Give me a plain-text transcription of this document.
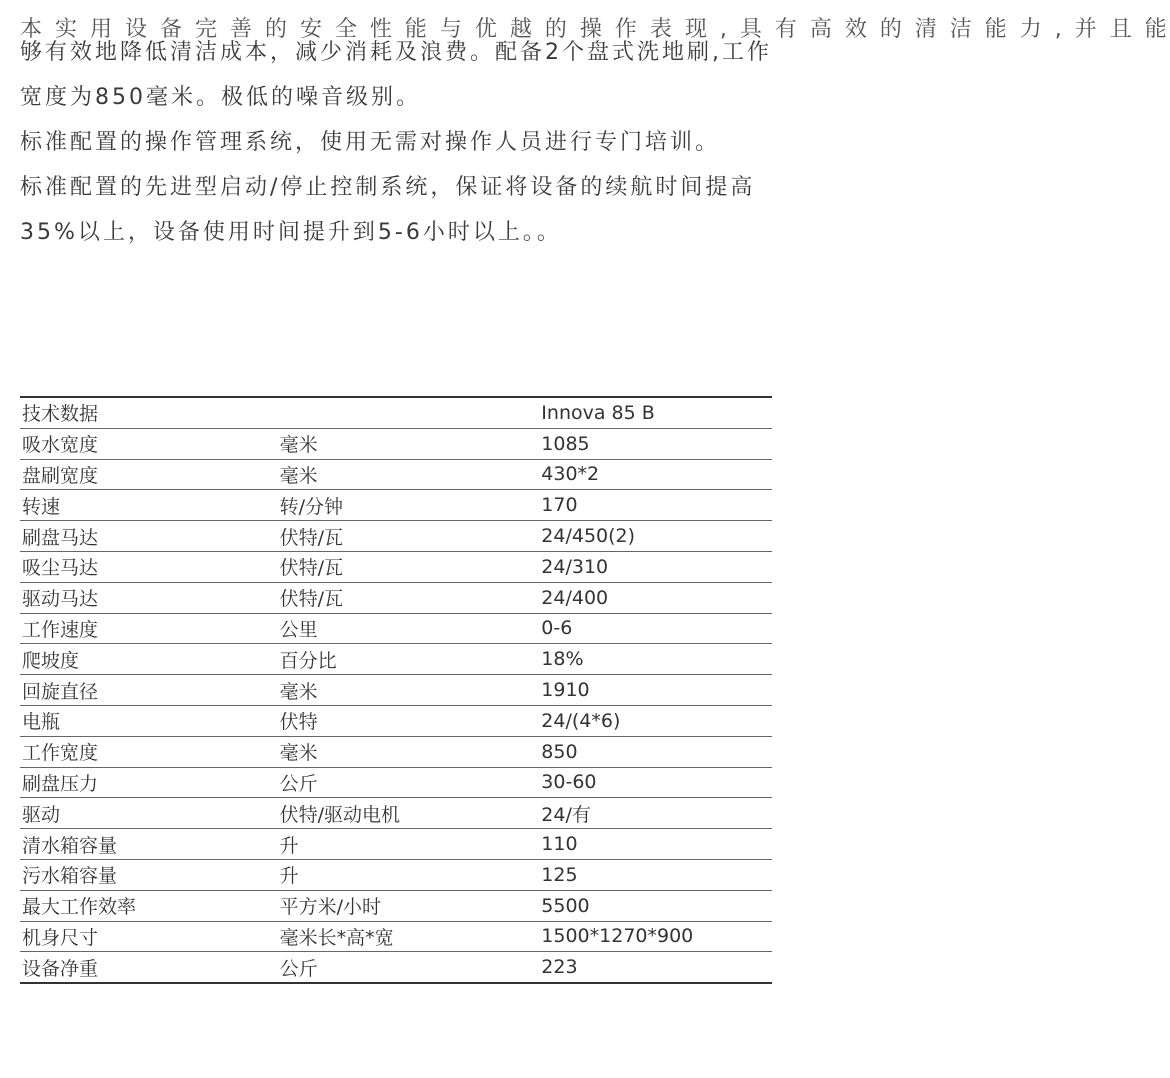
本 实 用 设 备 完 善 的 安 全 性 能 与 优 越 的 操 作 表 现 , 具 有 高 效 的 清 洁 能 力 , 并 且 能

够有效地降低清洁成本，减少消耗及浪费。配备2个盘式洗地刷,工作宽度为850毫米。极低的噪音级别。

标准配置的操作管理系统，使用无需对操作人员进行专门培训。

标准配置的先进型启动/停止控制系统，保证将设备的续航时间提高35%以上，设备使用时间提升到5-6小时以上。。

技术数据		Innova 85 B
吸水宽度	毫米	1085
盘刷宽度	毫米	430*2
转速	转/分钟	170
刷盘马达	伏特/瓦	24/450(2)
吸尘马达	伏特/瓦	24/310
驱动马达	伏特/瓦	24/400
工作速度	公里	0-6
爬坡度	百分比	18%
回旋直径	毫米	1910
电瓶	伏特	24/(4*6)
工作宽度	毫米	850
刷盘压力	公斤	30-60
驱动	伏特/驱动电机	24/有
清水箱容量	升	110
污水箱容量	升	125
最大工作效率	平方米/小时	5500
机身尺寸	毫米长*高*宽	1500*1270*900
设备净重	公斤	223
